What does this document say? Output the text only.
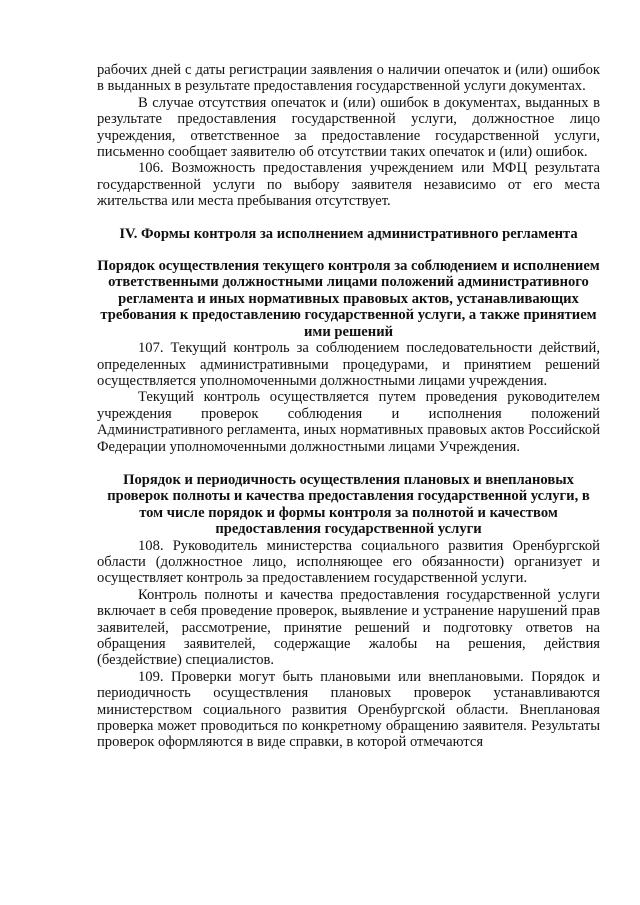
рабочих дней с даты регистрации заявления о наличии опечаток и (или) ошибок в выданных в результате предоставления государственной услуги документах.

В случае отсутствия опечаток и (или) ошибок в документах, выданных в результате предоставления государственной услуги, должностное лицо учреждения, ответственное за предоставление государственной услуги, письменно сообщает заявителю об отсутствии таких опечаток и (или) ошибок.

106. Возможность предоставления учреждением или МФЦ результата государственной услуги по выбору заявителя независимо от его места жительства или места пребывания отсутствует.

IV. Формы контроля за исполнением административного регламента
Порядок осуществления текущего контроля за соблюдением и исполнением ответственными должностными лицами положений административного регламента и иных нормативных правовых актов, устанавливающих требования к предоставлению государственной услуги, а также принятием ими решений

107. Текущий контроль за соблюдением последовательности действий, определенных административными процедурами, и принятием решений осуществляется уполномоченными должностными лицами учреждения.

Текущий контроль осуществляется путем проведения руководителем учреждения проверок соблюдения и исполнения положений Административного регламента, иных нормативных правовых актов Российской Федерации уполномоченными должностными лицами Учреждения.

Порядок и периодичность осуществления плановых и внеплановых проверок полноты и качества предоставления государственной услуги, в том числе порядок и формы контроля за полнотой и качеством предоставления государственной услуги

108. Руководитель министерства социального развития Оренбургской области (должностное лицо, исполняющее его обязанности) организует и осуществляет контроль за предоставлением государственной услуги.

Контроль полноты и качества предоставления государственной услуги включает в себя проведение проверок, выявление и устранение нарушений прав заявителей, рассмотрение, принятие решений и подготовку ответов на обращения заявителей, содержащие жалобы на решения, действия (бездействие) специалистов.

109. Проверки могут быть плановыми или внеплановыми. Порядок и периодичность осуществления плановых проверок устанавливаются министерством социального развития Оренбургской области. Внеплановая проверка может проводиться по конкретному обращению заявителя. Результаты проверок оформляются в виде справки, в которой отмечаются
